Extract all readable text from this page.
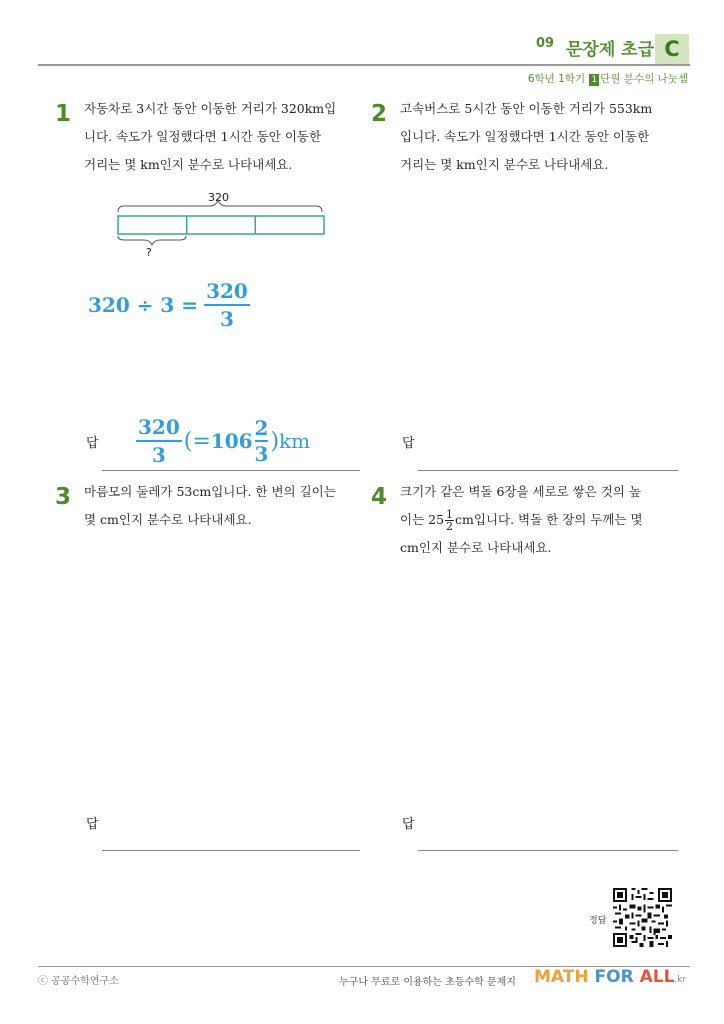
09 문장제 초급 C
6학년 1학기 1 단원 분수의 나눗셈
1 자동차로 3시간 동안 이동한 거리가 320km입
니다. 속도가 일정했다면 1시간 동안 이동한
거리는 몇 km인지 분수로 나타내세요.
320
?
$320 \div 3 = \frac{320}{3}$
답 $\frac{320}{3}$ (= $106 \frac{2}{3}$ ) km
2 고속버스로 5시간 동안 이동한 거리가 553km
입니다. 속도가 일정했다면 1시간 동안 이동한
거리는 몇 km인지 분수로 나타내세요.
답
3 마름모의 둘레가 53cm입니다. 한 변의 길이는
몇 cm인지 분수로 나타내세요.
답
4 크기가 같은 벽돌 6장을 세로로 쌓은 것의 높
이는 $25 \frac{1}{2}$ cm입니다. 벽돌 한 장의 두께는 몇
cm인지 분수로 나타내세요.
답
정답
ⓒ 공공수학연구소	누구나 무료로 이용하는 초등수학 문제지 MATH FOR ALL.kr
